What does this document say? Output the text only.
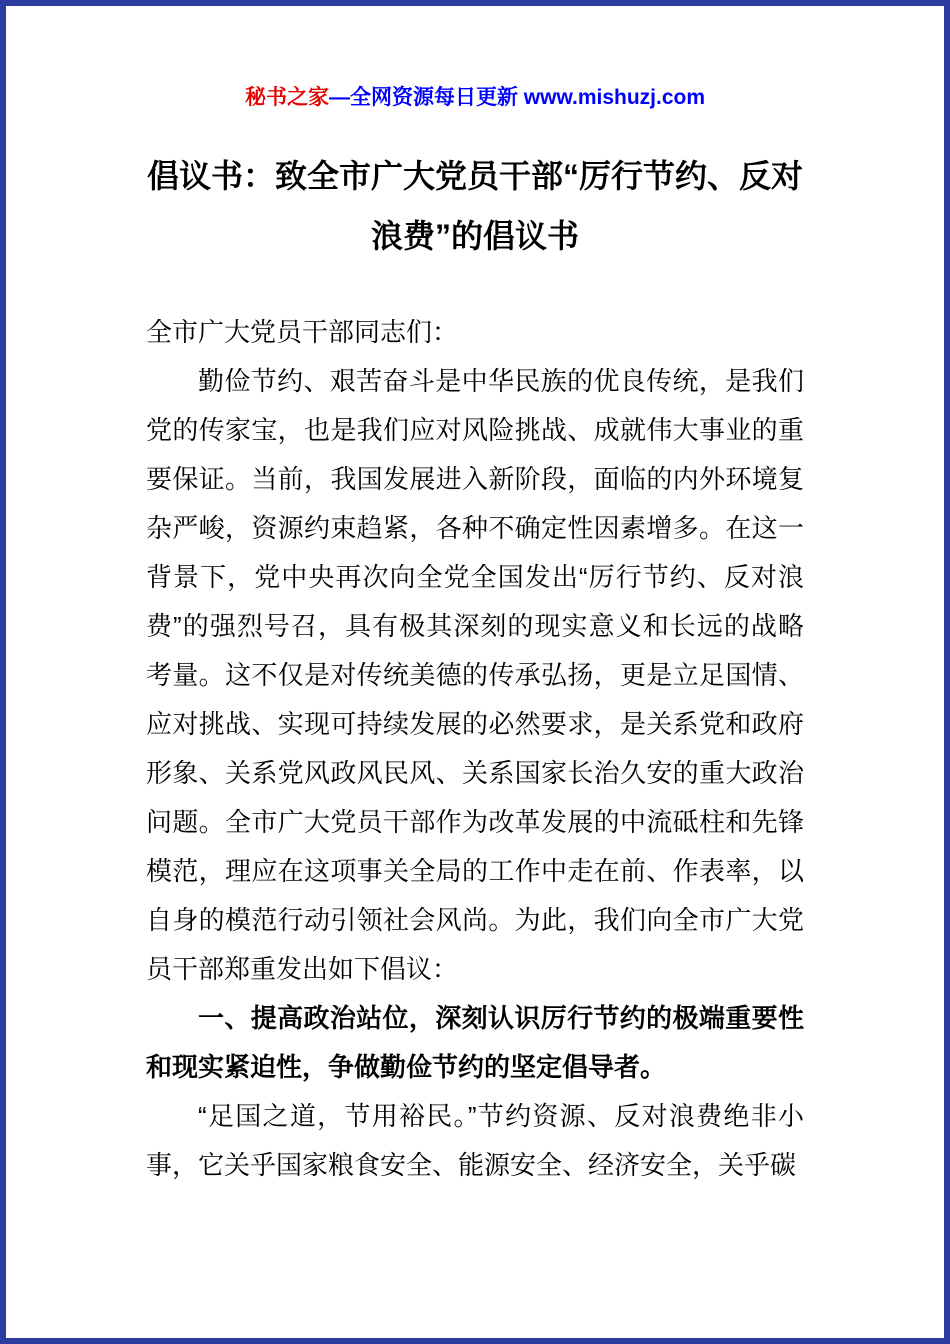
秘书之家—全网资源每日更新 www.mishuzj.com
倡议书：致全市广大党员干部“厉行节约、反对浪费”的倡议书

全市广大党员干部同志们：

勤俭节约、艰苦奋斗是中华民族的优良传统，是我们党的传家宝，也是我们应对风险挑战、成就伟大事业的重要保证。当前，我国发展进入新阶段，面临的内外环境复杂严峻，资源约束趋紧，各种不确定性因素增多。在这一背景下，党中央再次向全党全国发出“厉行节约、反对浪费”的强烈号召，具有极其深刻的现实意义和长远的战略考量。这不仅是对传统美德的传承弘扬，更是立足国情、应对挑战、实现可持续发展的必然要求，是关系党和政府形象、关系党风政风民风、关系国家长治久安的重大政治问题。全市广大党员干部作为改革发展的中流砥柱和先锋模范，理应在这项事关全局的工作中走在前、作表率，以自身的模范行动引领社会风尚。为此，我们向全市广大党员干部郑重发出如下倡议：

一、提高政治站位，深刻认识厉行节约的极端重要性和现实紧迫性，争做勤俭节约的坚定倡导者。

“足国之道，节用裕民。”节约资源、反对浪费绝非小事，它关乎国家粮食安全、能源安全、经济安全，关乎碳
